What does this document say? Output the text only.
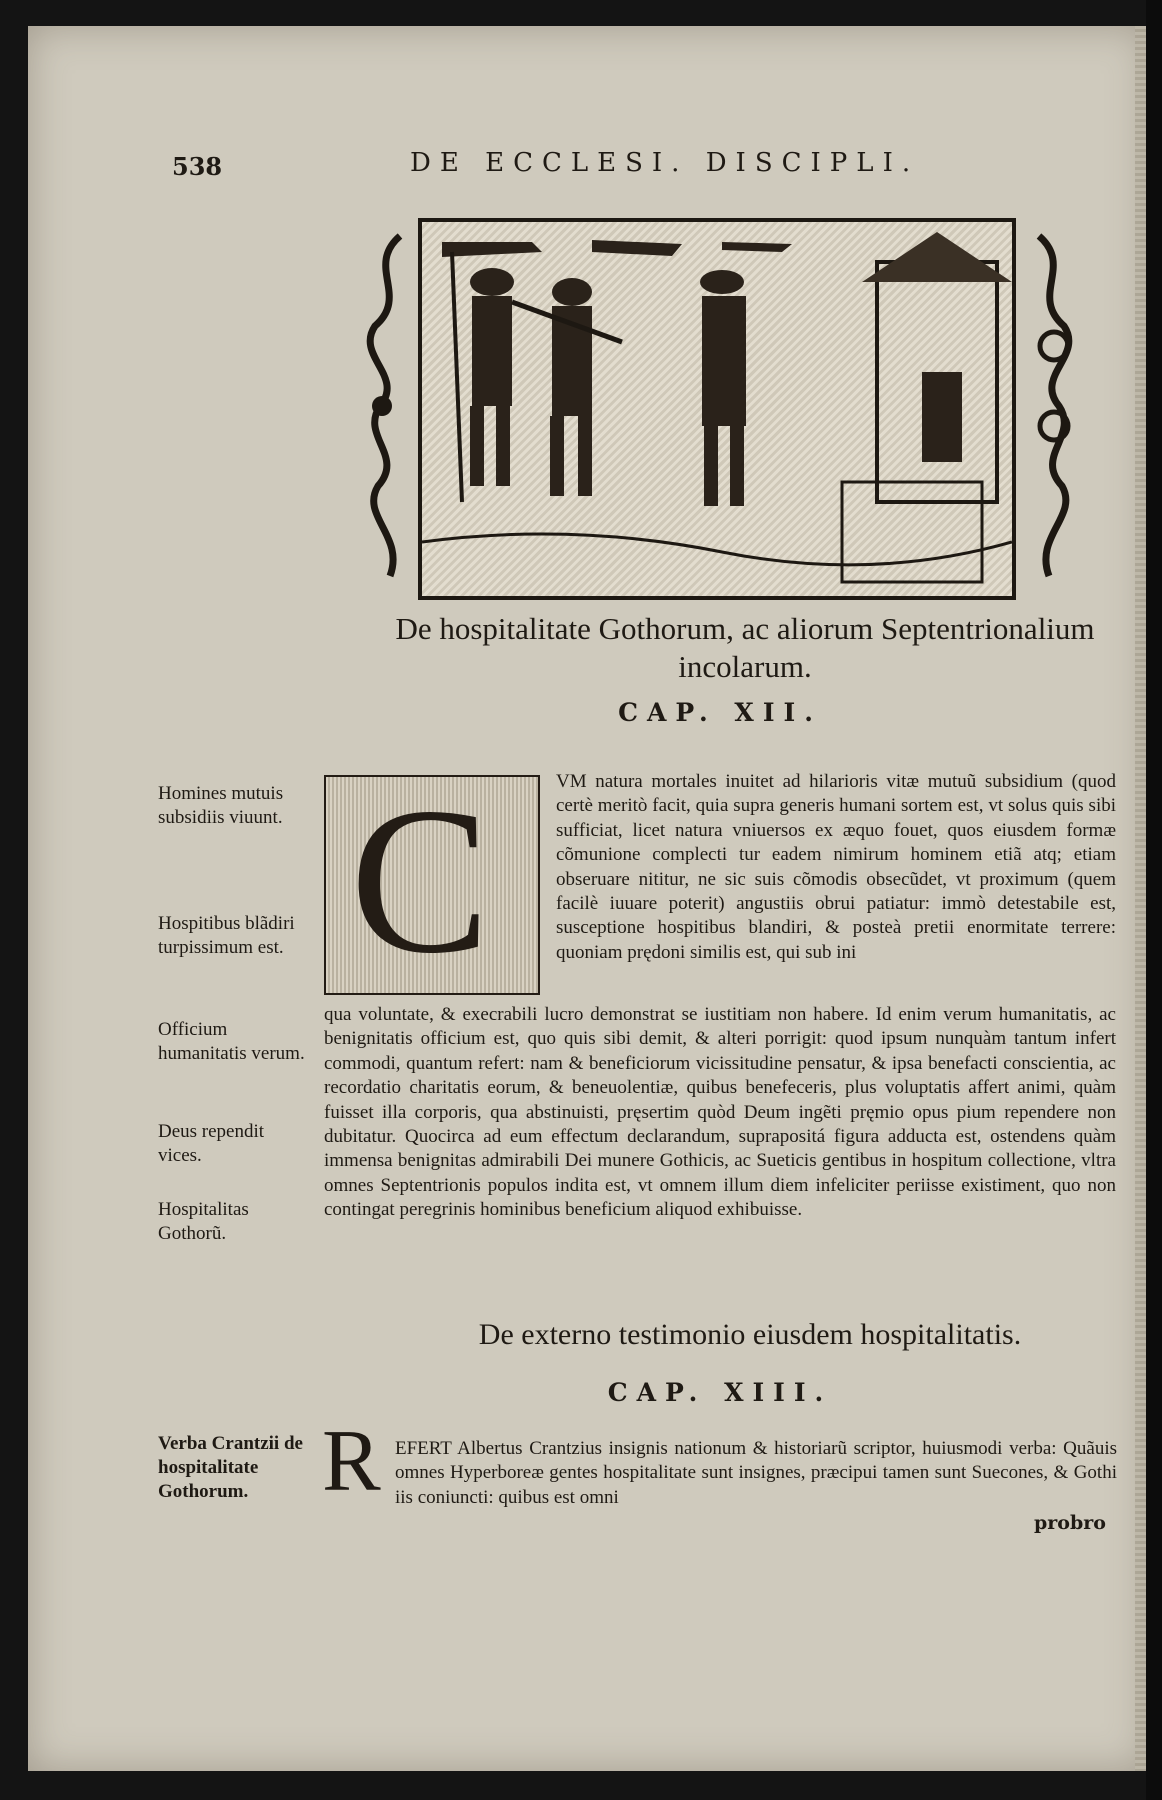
538	DE ECCLESI. DISCIPLI.
De hospitalitate Gothorum, ac aliorum Septentrionalium incolarum.
CAP. XII.
Homines mutuis subsidiis viuunt.
Hospitibus blãdiri turpissimum est.
Officium humanitatis verum.
Deus rependit vices.
Hospitalitas Gothorũ.
C	VM natura mortales inuitet ad hilarioris vitæ mutuũ subsidium (quod certè meritò facit, quia supra generis humani sortem est, vt solus quis sibi sufficiat, licet natura vniuersos ex æquo fouet, quos eiusdem formæ cõmunione complecti tur eadem nimirum hominem etiã atq; etiam obseruare nititur, ne sic suis cõmodis obsecũdet, vt proximum (quem facilè iuuare poterit) angustiis obrui patiatur: immò detestabile est, susceptione hospitibus blandiri, & posteà pretii enormitate terrere: quoniam prędoni similis est, qui sub ini
qua voluntate, & execrabili lucro demonstrat se iustitiam non habere. Id enim verum humanitatis, ac benignitatis officium est, quo quis sibi demit, & alteri porrigit: quod ipsum nunquàm tantum infert commodi, quantum refert: nam & beneficiorum vicissitudine pensatur, & ipsa benefacti conscientia, ac recordatio charitatis eorum, & beneuolentiæ, quibus benefeceris, plus voluptatis affert animi, quàm fuisset illa corporis, qua abstinuisti, pręsertim quòd Deum ingẽti pręmio opus pium rependere non dubitatur. Quocirca ad eum effectum declarandum, suprapositá figura adducta est, ostendens quàm immensa benignitas admirabili Dei munere Gothicis, ac Sueticis gentibus in hospitum collectione, vltra omnes Septentrionis populos indita est, vt omnem illum diem infeliciter periisse existiment, quo non contingat peregrinis hominibus beneficium aliquod exhibuisse.
De externo testimonio eiusdem hospitalitatis.
CAP. XIII.
Verba Crantzii de hospitalitate Gothorum. R EFERT Albertus Crantzius insignis nationum & historiarũ scriptor, huiusmodi verba: Quãuis omnes Hyperboreæ gentes hospitalitate sunt insignes, præcipui tamen sunt Suecones, & Gothi iis coniuncti: quibus est omni
probro
